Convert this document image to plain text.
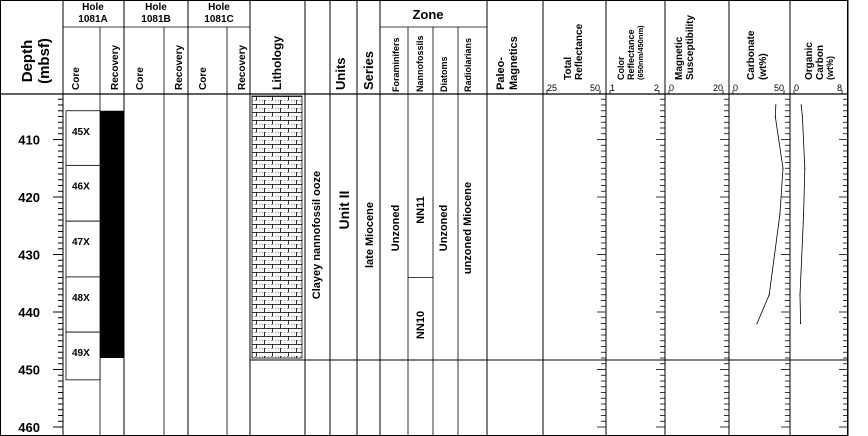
410
420
430
440
450
460
Depth (mbsf)
Hole
1081A
Hole
1081B
Hole
1081C
Core	Recovery Core	Recovery Core	Recovery Lithology	Units Series
Zone
Foraminifers Nannofossils Diatoms Radiolarians Paleo- Magnetics	Total Reflectance	Color Reflectance (650nm/450nm)	Magnetic Susceptibility	Carbonate (wt%)	Organic Carbon (wt%)
Clayey nannofossil ooze Unit II late Miocene Unzoned	Unzoned unzoned Miocene
45X
46X
47X
48X
49X
NN11
NN10
25	50 1	2 0	20 0	50 0	8
